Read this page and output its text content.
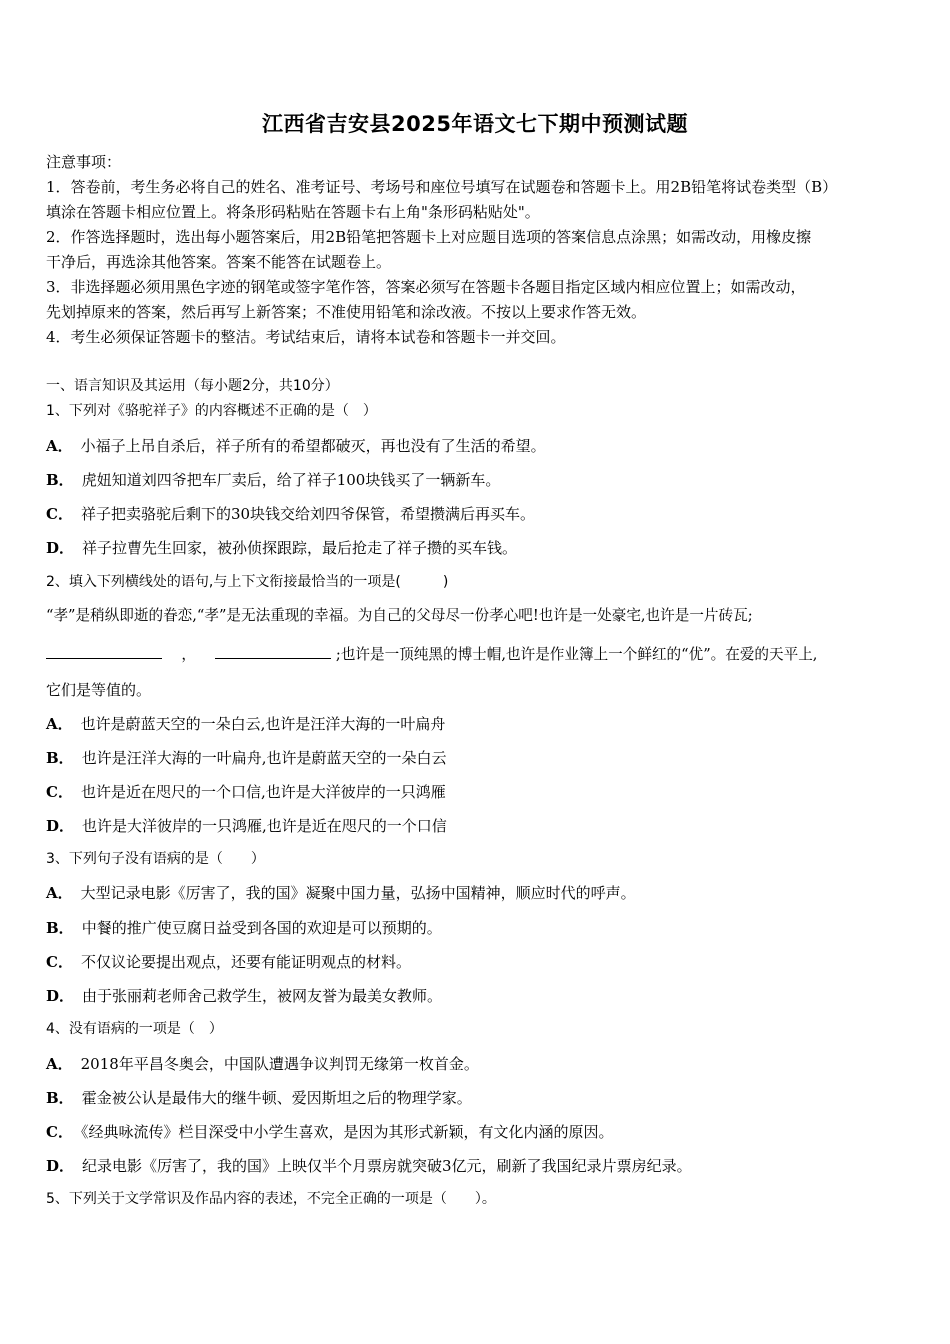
江西省吉安县2025年语文七下期中预测试题
注意事项：
1．答卷前，考生务必将自己的姓名、准考证号、考场号和座位号填写在试题卷和答题卡上。用2B铅笔将试卷类型（B）
填涂在答题卡相应位置上。将条形码粘贴在答题卡右上角"条形码粘贴处"。
2．作答选择题时，选出每小题答案后，用2B铅笔把答题卡上对应题目选项的答案信息点涂黑；如需改动，用橡皮擦
干净后，再选涂其他答案。答案不能答在试题卷上。
3．非选择题必须用黑色字迹的钢笔或签字笔作答，答案必须写在答题卡各题目指定区域内相应位置上；如需改动，
先划掉原来的答案，然后再写上新答案；不准使用铅笔和涂改液。不按以上要求作答无效。
4．考生必须保证答题卡的整洁。考试结束后，请将本试卷和答题卡一并交回。
一、语言知识及其运用（每小题2分，共10分）
1、下列对《骆驼祥子》的内容概述不正确的是（　）
A． 小福子上吊自杀后，祥子所有的希望都破灭，再也没有了生活的希望。
B． 虎妞知道刘四爷把车厂卖后，给了祥子100块钱买了一辆新车。
C． 祥子把卖骆驼后剩下的30块钱交给刘四爷保管，希望攒满后再买车。
D． 祥子拉曹先生回家，被孙侦探跟踪，最后抢走了祥子攒的买车钱。
2、填入下列横线处的语句,与上下文衔接最恰当的一项是(　　　)
“孝”是稍纵即逝的眷恋,“孝”是无法重现的幸福。为自己的父母尽一份孝心吧!也许是一处豪宅,也许是一片砖瓦;
，	;也许是一顶纯黑的博士帽,也许是作业簿上一个鲜红的“优”。在爱的天平上,
它们是等值的。
A． 也许是蔚蓝天空的一朵白云,也许是汪洋大海的一叶扁舟
B． 也许是汪洋大海的一叶扁舟,也许是蔚蓝天空的一朵白云
C． 也许是近在咫尺的一个口信,也许是大洋彼岸的一只鸿雁
D． 也许是大洋彼岸的一只鸿雁,也许是近在咫尺的一个口信
3、下列句子没有语病的是（　　）
A． 大型记录电影《厉害了，我的国》凝聚中国力量，弘扬中国精神，顺应时代的呼声。
B． 中餐的推广使豆腐日益受到各国的欢迎是可以预期的。
C． 不仅议论要提出观点，还要有能证明观点的材料。
D． 由于张丽莉老师舍己救学生，被网友誉为最美女教师。
4、没有语病的一项是（　）
A． 2018年平昌冬奥会，中国队遭遇争议判罚无缘第一枚首金。
B． 霍金被公认是最伟大的继牛顿、爱因斯坦之后的物理学家。
C． 《经典咏流传》栏目深受中小学生喜欢，是因为其形式新颖，有文化内涵的原因。
D． 纪录电影《厉害了，我的国》上映仅半个月票房就突破3亿元，刷新了我国纪录片票房纪录。
5、下列关于文学常识及作品内容的表述，不完全正确的一项是（　　）。
